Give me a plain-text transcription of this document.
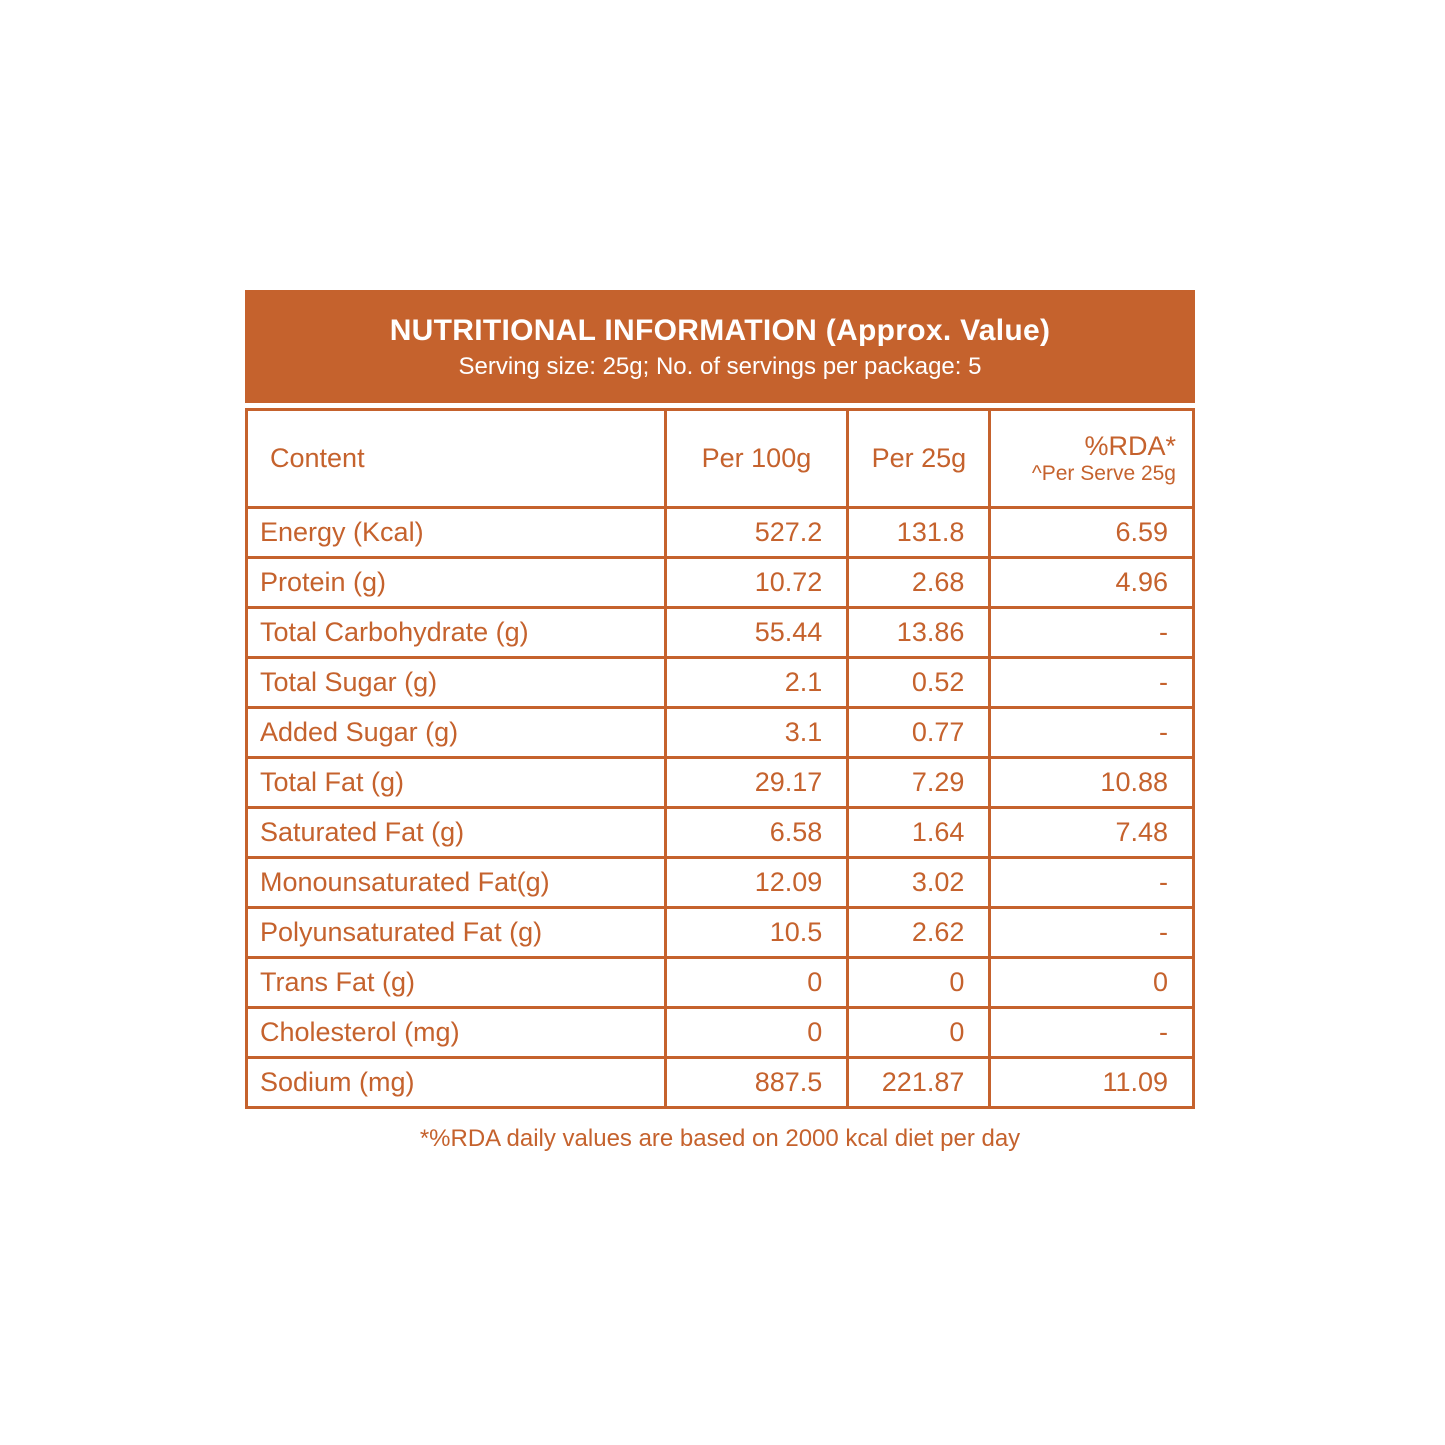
NUTRITIONAL INFORMATION (Approx. Value)
Serving size: 25g; No. of servings per package: 5
Content	Per 100g	Per 25g	%RDA*
^Per Serve 25g

Energy (Kcal)	527.2	131.8	6.59
Protein (g)	10.72	2.68	4.96
Total Carbohydrate (g)	55.44	13.86	-
Total Sugar (g)	2.1	0.52	-
Added Sugar (g)	3.1	0.77	-
Total Fat (g)	29.17	7.29	10.88
Saturated Fat (g)	6.58	1.64	7.48
Monounsaturated Fat(g)	12.09	3.02	-
Polyunsaturated Fat (g)	10.5	2.62	-
Trans Fat (g)	0	0	0
Cholesterol (mg)	0	0	-
Sodium (mg)	887.5	221.87	11.09
*%RDA daily values are based on 2000 kcal diet per day
